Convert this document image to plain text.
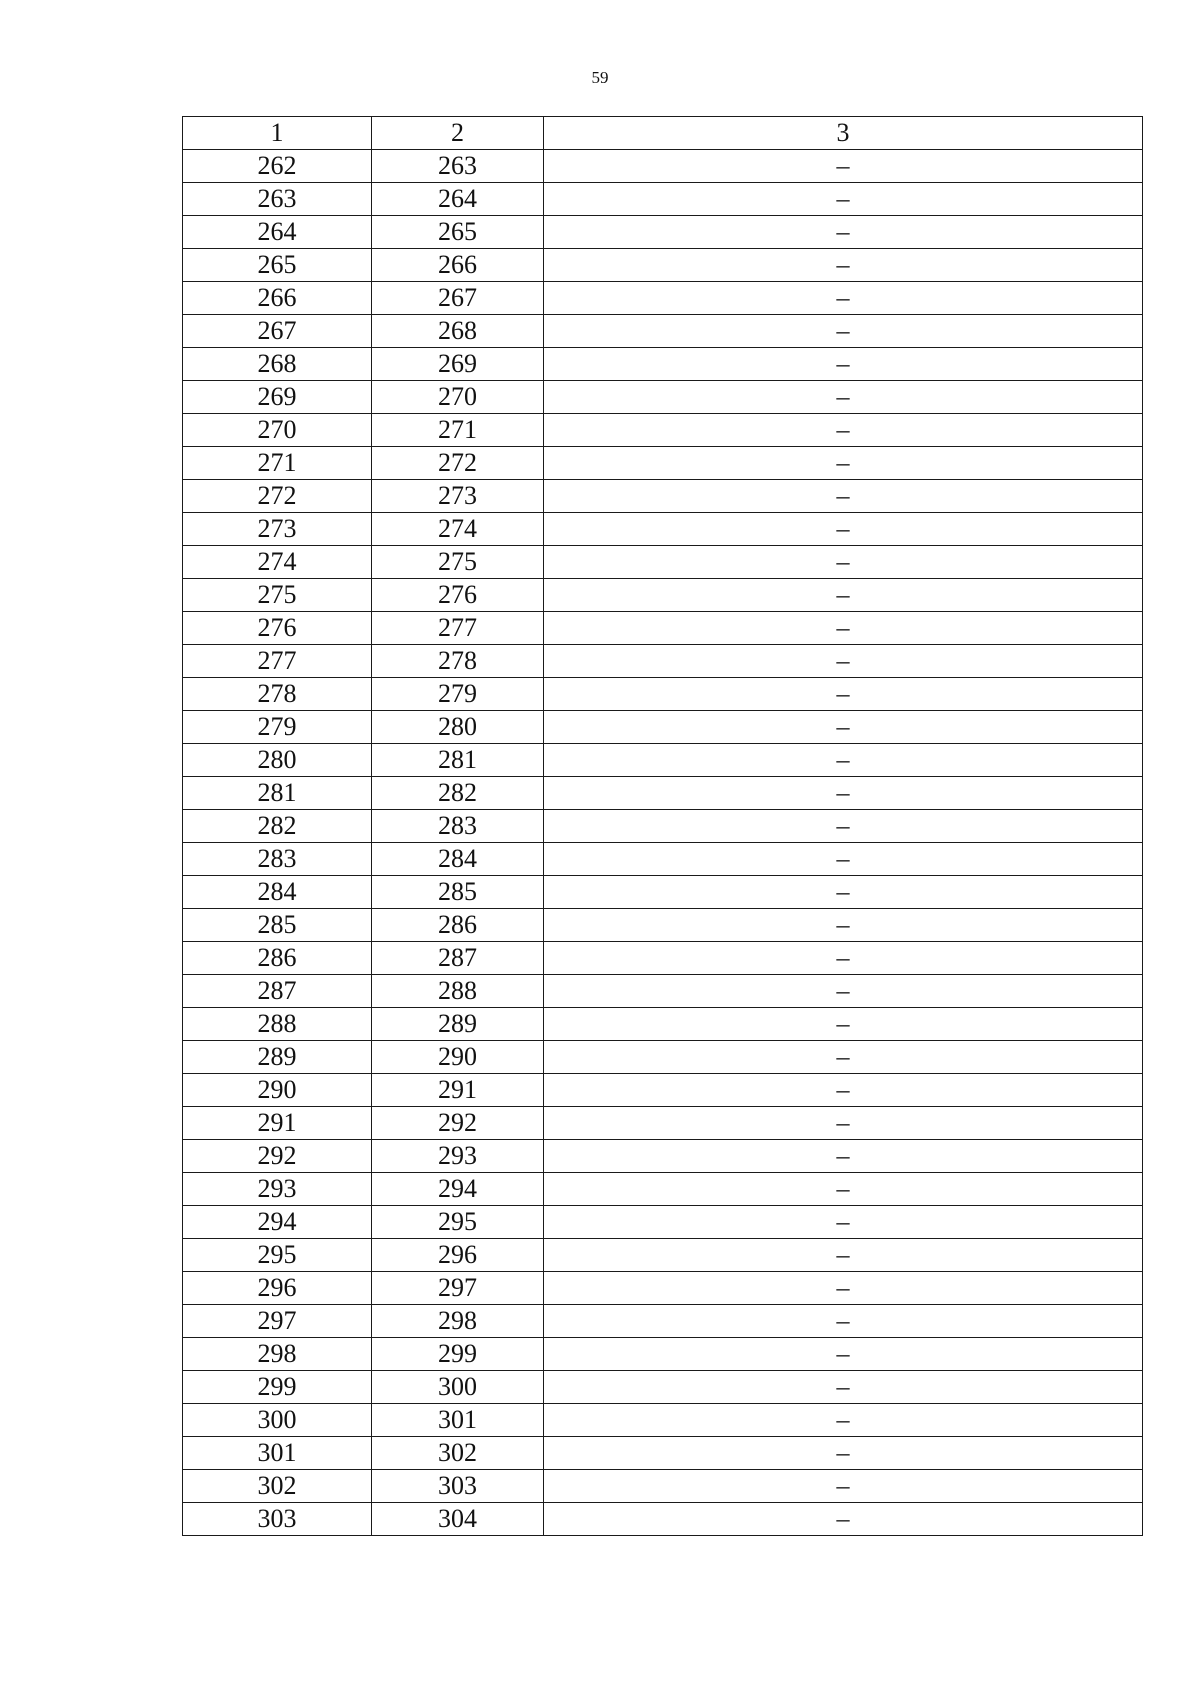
59
1	2	3
262	263	–
263	264	–
264	265	–
265	266	–
266	267	–
267	268	–
268	269	–
269	270	–
270	271	–
271	272	–
272	273	–
273	274	–
274	275	–
275	276	–
276	277	–
277	278	–
278	279	–
279	280	–
280	281	–
281	282	–
282	283	–
283	284	–
284	285	–
285	286	–
286	287	–
287	288	–
288	289	–
289	290	–
290	291	–
291	292	–
292	293	–
293	294	–
294	295	–
295	296	–
296	297	–
297	298	–
298	299	–
299	300	–
300	301	–
301	302	–
302	303	–
303	304	–
